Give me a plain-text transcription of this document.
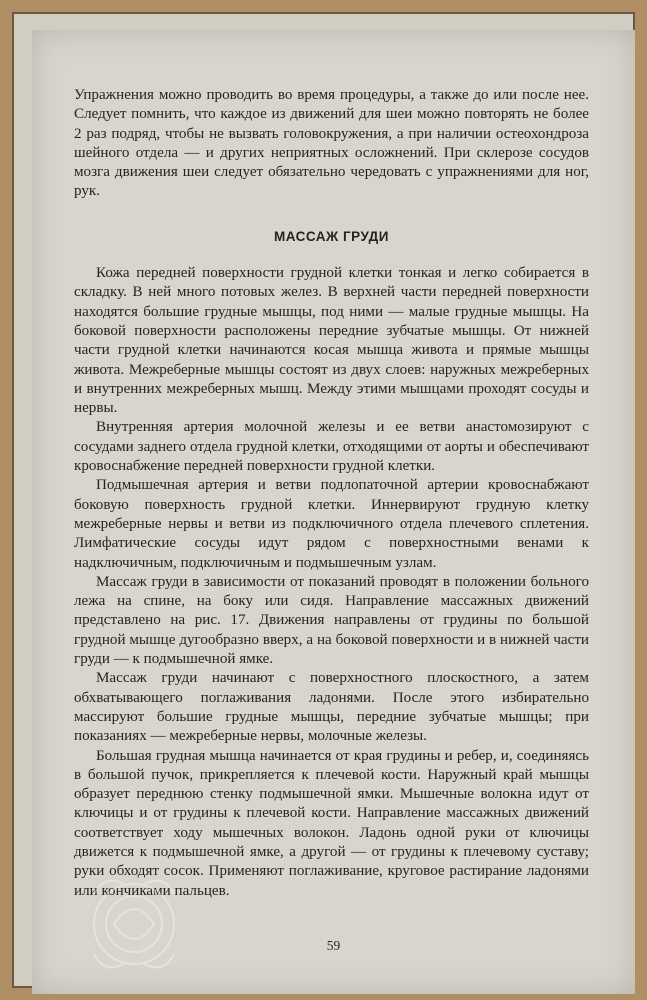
Упражнения можно проводить во время процедуры, а также до или после нее. Следует помнить, что каждое из движений для шеи можно повторять не более 2 раз подряд, чтобы не вызвать головокружения, а при наличии остеохондроза шейного отдела — и других неприятных осложнений. При склерозе сосудов мозга движения шеи следует обязательно чередовать с упражнениями для ног, рук.

МАССАЖ ГРУДИ

Кожа передней поверхности грудной клетки тонкая и легко собирается в складку. В ней много потовых желез. В верхней части передней поверхности находятся большие грудные мышцы, под ними — малые грудные мышцы. На боковой поверхности расположены передние зубчатые мышцы. От нижней части грудной клетки начинаются косая мышца живота и прямые мышцы живота. Межреберные мышцы состоят из двух слоев: наружных межреберных и внутренних межреберных мышц. Между этими мышцами проходят сосуды и нервы.

Внутренняя артерия молочной железы и ее ветви анастомозируют с сосудами заднего отдела грудной клетки, отходящими от аорты и обеспечивают кровоснабжение передней поверхности грудной клетки.

Подмышечная артерия и ветви подлопаточной артерии кровоснабжают боковую поверхность грудной клетки. Иннервируют грудную клетку межреберные нервы и ветви из подключичного отдела плечевого сплетения. Лимфатические сосуды идут рядом с поверхностными венами к надключичным, подключичным и подмышечным узлам.

Массаж груди в зависимости от показаний проводят в положении больного лежа на спине, на боку или сидя. Направление массажных движений представлено на рис. 17. Движения направлены от грудины по большой грудной мышце дугообразно вверх, а на боковой поверхности и в нижней части груди — к подмышечной ямке.

Массаж груди начинают с поверхностного плоскостного, а затем обхватывающего поглаживания ладонями. После этого избирательно массируют большие грудные мышцы, передние зубчатые мышцы; при показаниях — межреберные нервы, молочные железы.

Большая грудная мышца начинается от края грудины и ребер, и, соединяясь в большой пучок, прикрепляется к плечевой кости. Наружный край мышцы образует переднюю стенку подмышечной ямки. Мышечные волокна идут от ключицы и от грудины к плечевой кости. Направление массажных движений соответствует ходу мышечных волокон. Ладонь одной руки от ключицы движется к подмышечной ямке, а другой — от грудины к плечевому суставу; руки обходят сосок. Применяют поглаживание, круговое растирание ладонями или кончиками пальцев.

59
